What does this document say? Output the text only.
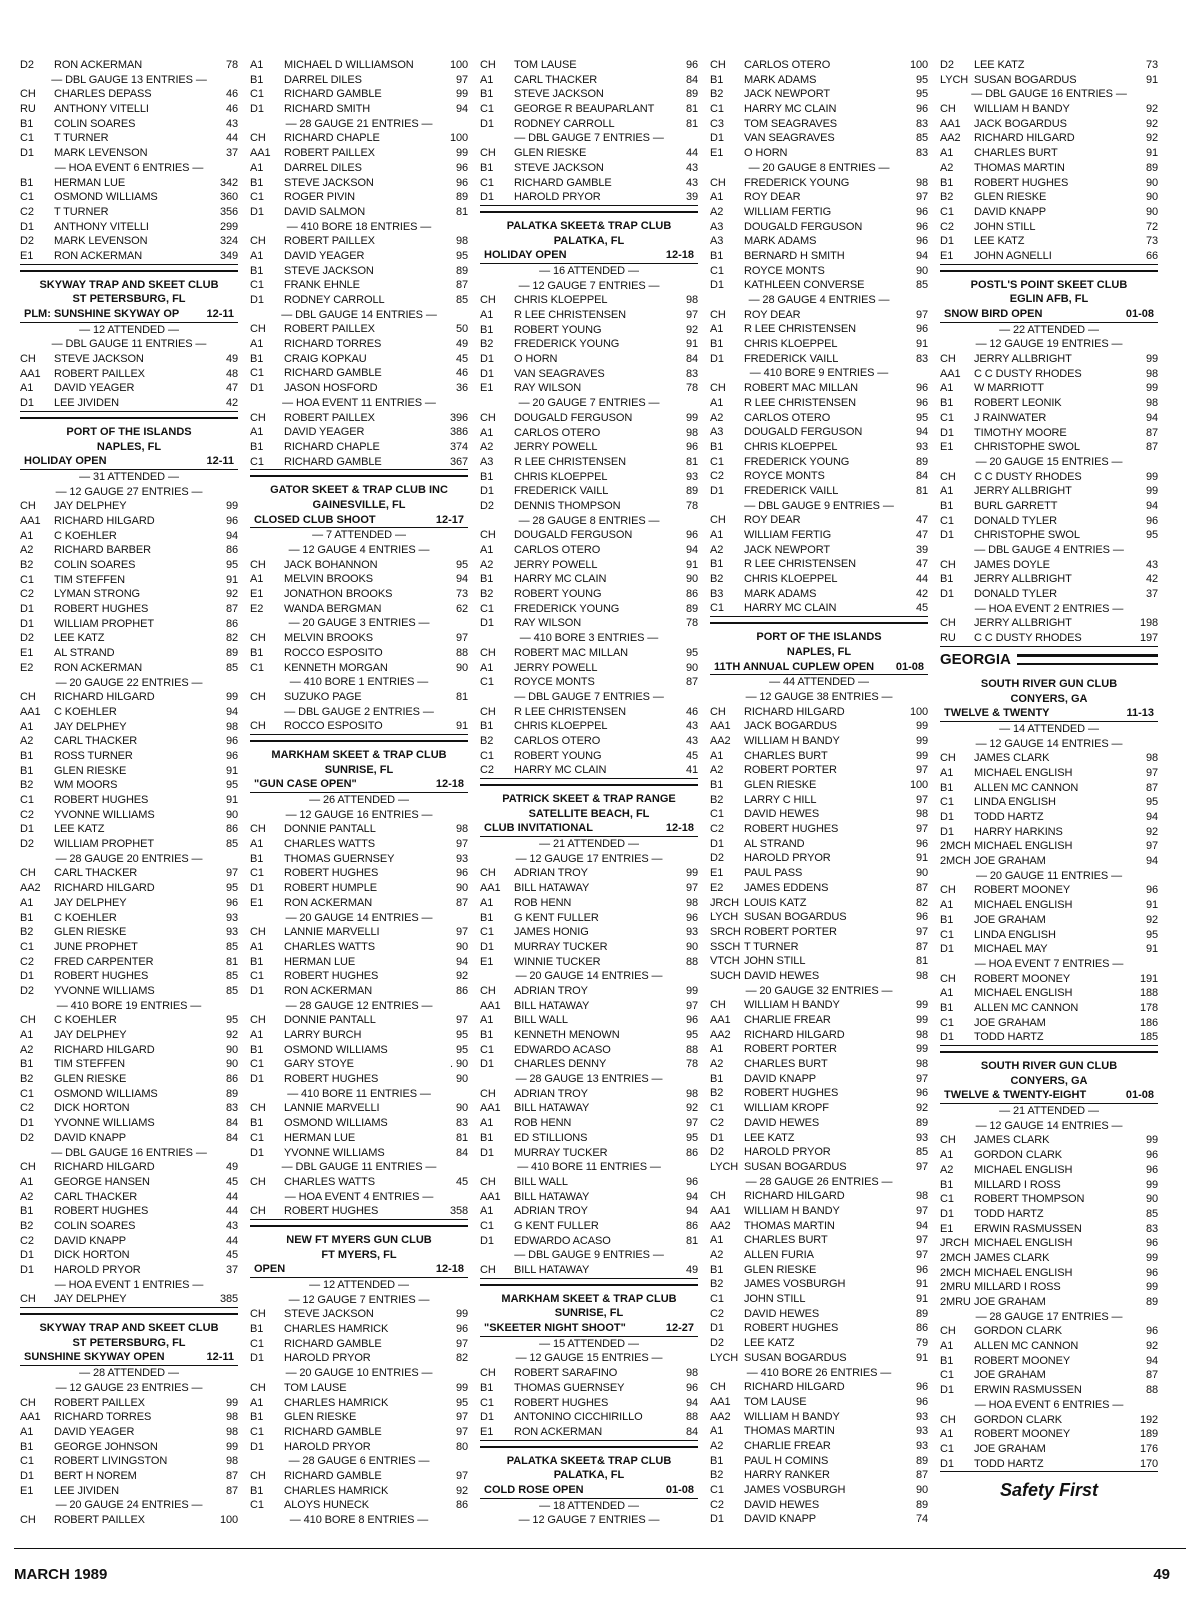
D2	RON ACKERMAN	78
— DBL GAUGE 13 ENTRIES —
CH	CHARLES DEPASS	46
RU	ANTHONY VITELLI	46
B1	COLIN SOARES	43
C1	T TURNER	44
D1	MARK LEVENSON	37
— HOA EVENT 6 ENTRIES —
B1	HERMAN LUE	342
C1	OSMOND WILLIAMS	360
C2	T TURNER	356
D1	ANTHONY VITELLI	299
D2	MARK LEVENSON	324
E1	RON ACKERMAN	349
SKYWAY TRAP AND SKEET CLUB
ST PETERSBURG, FL
PLM: SUNSHINE SKYWAY OP 12-11
— 12 ATTENDED —
— DBL GAUGE 11 ENTRIES —
CH	STEVE JACKSON	49
AA1	ROBERT PAILLEX	48
A1	DAVID YEAGER	47
D1	LEE JIVIDEN	42
PORT OF THE ISLANDS
NAPLES, FL
HOLIDAY OPEN	12-11
— 31 ATTENDED —
— 12 GAUGE 27 ENTRIES —
CH	JAY DELPHEY	99
AA1	RICHARD HILGARD	96
A1	C KOEHLER	94
A2	RICHARD BARBER	86
B2	COLIN SOARES	95
C1	TIM STEFFEN	91
C2	LYMAN STRONG	92
D1	ROBERT HUGHES	87
D1	WILLIAM PROPHET	86
D2	LEE KATZ	82
E1	AL STRAND	89
E2	RON ACKERMAN	85
— 20 GAUGE 22 ENTRIES —
CH	RICHARD HILGARD	99
AA1	C KOEHLER	94
A1	JAY DELPHEY	98
A2	CARL THACKER	96
B1	ROSS TURNER	96
B1	GLEN RIESKE	91
B2	WM MOORS	95
C1	ROBERT HUGHES	91
C2	YVONNE WILLIAMS	90
D1	LEE KATZ	86
D2	WILLIAM PROPHET	85
— 28 GAUGE 20 ENTRIES —
CH	CARL THACKER	97
AA2	RICHARD HILGARD	95
A1	JAY DELPHEY	96
B1	C KOEHLER	93
B2	GLEN RIESKE	93
C1	JUNE PROPHET	85
C2	FRED CARPENTER	81
D1	ROBERT HUGHES	85
D2	YVONNE WILLIAMS	85
— 410 BORE 19 ENTRIES —
CH	C KOEHLER	95
A1	JAY DELPHEY	92
A2	RICHARD HILGARD	90
B1	TIM STEFFEN	90
B2	GLEN RIESKE	86
C1	OSMOND WILLIAMS	89
C2	DICK HORTON	83
D1	YVONNE WILLIAMS	84
D2	DAVID KNAPP	84
— DBL GAUGE 16 ENTRIES —
CH	RICHARD HILGARD	49
A1	GEORGE HANSEN	45
A2	CARL THACKER	44
B1	ROBERT HUGHES	44
B2	COLIN SOARES	43
C2	DAVID KNAPP	44
D1	DICK HORTON	45
D1	HAROLD PRYOR	37
— HOA EVENT 1 ENTRIES —
CH	JAY DELPHEY	385
SKYWAY TRAP AND SKEET CLUB
ST PETERSBURG, FL
SUNSHINE SKYWAY OPEN	12-11
— 28 ATTENDED —
— 12 GAUGE 23 ENTRIES —
CH	ROBERT PAILLEX	99
AA1	RICHARD TORRES	98
A1	DAVID YEAGER	98
B1	GEORGE JOHNSON	99
C1	ROBERT LIVINGSTON	98
D1	BERT H NOREM	87
E1	LEE JIVIDEN	87
— 20 GAUGE 24 ENTRIES —
CH	ROBERT PAILLEX	100
A1	MICHAEL D WILLIAMSON	100
B1	DARREL DILES	97
C1	RICHARD GAMBLE	99
D1	RICHARD SMITH	94
— 28 GAUGE 21 ENTRIES —
CH	RICHARD CHAPLE	100
AA1	ROBERT PAILLEX	99
A1	DARREL DILES	96
B1	STEVE JACKSON	96
C1	ROGER PIVIN	89
D1	DAVID SALMON	81
— 410 BORE 18 ENTRIES —
CH	ROBERT PAILLEX	98
A1	DAVID YEAGER	95
B1	STEVE JACKSON	89
C1	FRANK EHNLE	87
D1	RODNEY CARROLL	85
— DBL GAUGE 14 ENTRIES —
CH	ROBERT PAILLEX	50
A1	RICHARD TORRES	49
B1	CRAIG KOPKAU	45
C1	RICHARD GAMBLE	46
D1	JASON HOSFORD	36
— HOA EVENT 11 ENTRIES —
CH	ROBERT PAILLEX	396
A1	DAVID YEAGER	386
B1	RICHARD CHAPLE	374
C1	RICHARD GAMBLE	367
GATOR SKEET & TRAP CLUB INC
GAINESVILLE, FL
CLOSED CLUB SHOOT	12-17
— 7 ATTENDED —
— 12 GAUGE 4 ENTRIES —
CH	JACK BOHANNON	95
A1	MELVIN BROOKS	94
E1	JONATHON BROOKS	73
E2	WANDA BERGMAN	62
— 20 GAUGE 3 ENTRIES —
CH	MELVIN BROOKS	97
B1	ROCCO ESPOSITO	88
C1	KENNETH MORGAN	90
— 410 BORE 1 ENTRIES —
CH	SUZUKO PAGE	81
— DBL GAUGE 2 ENTRIES —
CH	ROCCO ESPOSITO	91
MARKHAM SKEET & TRAP CLUB
SUNRISE, FL
"GUN CASE OPEN"	12-18
— 26 ATTENDED —
— 12 GAUGE 16 ENTRIES —
CH	DONNIE PANTALL	98
A1	CHARLES WATTS	97
B1	THOMAS GUERNSEY	93
C1	ROBERT HUGHES	96
D1	ROBERT HUMPLE	90
E1	RON ACKERMAN	87
— 20 GAUGE 14 ENTRIES —
CH	LANNIE MARVELLI	97
A1	CHARLES WATTS	90
B1	HERMAN LUE	94
C1	ROBERT HUGHES	92
D1	RON ACKERMAN	86
— 28 GAUGE 12 ENTRIES —
CH	DONNIE PANTALL	97
A1	LARRY BURCH	95
B1	OSMOND WILLIAMS	95
C1	GARY STOYE	. 90
D1	ROBERT HUGHES	90
— 410 BORE 11 ENTRIES —
CH	LANNIE MARVELLI	90
B1	OSMOND WILLIAMS	83
C1	HERMAN LUE	81
D1	YVONNE WILLIAMS	84
— DBL GAUGE 11 ENTRIES —
CH	CHARLES WATTS	45
— HOA EVENT 4 ENTRIES —
CH	ROBERT HUGHES	358
NEW FT MYERS GUN CLUB
FT MYERS, FL
OPEN	12-18
— 12 ATTENDED —
— 12 GAUGE 7 ENTRIES —
CH	STEVE JACKSON	99
B1	CHARLES HAMRICK	96
C1	RICHARD GAMBLE	97
D1	HAROLD PRYOR	82
— 20 GAUGE 10 ENTRIES —
CH	TOM LAUSE	99
A1	CHARLES HAMRICK	95
B1	GLEN RIESKE	97
C1	RICHARD GAMBLE	97
D1	HAROLD PRYOR	80
— 28 GAUGE 6 ENTRIES —
CH	RICHARD GAMBLE	97
B1	CHARLES HAMRICK	92
C1	ALOYS HUNECK	86
— 410 BORE 8 ENTRIES —
CH	TOM LAUSE	96
A1	CARL THACKER	84
B1	STEVE JACKSON	89
C1	GEORGE R BEAUPARLANT	81
D1	RODNEY CARROLL	81
— DBL GAUGE 7 ENTRIES —
CH	GLEN RIESKE	44
B1	STEVE JACKSON	43
C1	RICHARD GAMBLE	43
D1	HAROLD PRYOR	39
PALATKA SKEET& TRAP CLUB
PALATKA, FL
HOLIDAY OPEN	12-18
— 16 ATTENDED —
— 12 GAUGE 7 ENTRIES —
CH	CHRIS KLOEPPEL	98
A1	R LEE CHRISTENSEN	97
B1	ROBERT YOUNG	92
B2	FREDERICK YOUNG	91
D1	O HORN	84
D1	VAN SEAGRAVES	83
E1	RAY WILSON	78
— 20 GAUGE 7 ENTRIES —
CH	DOUGALD FERGUSON	99
A1	CARLOS OTERO	98
A2	JERRY POWELL	96
A3	R LEE CHRISTENSEN	81
B1	CHRIS KLOEPPEL	93
D1	FREDERICK VAILL	89
D2	DENNIS THOMPSON	78
— 28 GAUGE 8 ENTRIES —
CH	DOUGALD FERGUSON	96
A1	CARLOS OTERO	94
A2	JERRY POWELL	91
B1	HARRY MC CLAIN	90
B2	ROBERT YOUNG	86
C1	FREDERICK YOUNG	89
D1	RAY WILSON	78
— 410 BORE 3 ENTRIES —
CH	ROBERT MAC MILLAN	95
A1	JERRY POWELL	90
C1	ROYCE MONTS	87
— DBL GAUGE 7 ENTRIES —
CH	R LEE CHRISTENSEN	46
B1	CHRIS KLOEPPEL	43
B2	CARLOS OTERO	43
C1	ROBERT YOUNG	45
C2	HARRY MC CLAIN	41
PATRICK SKEET & TRAP RANGE
SATELLITE BEACH, FL
CLUB INVITATIONAL	12-18
— 21 ATTENDED —
— 12 GAUGE 17 ENTRIES —
CH	ADRIAN TROY	99
AA1	BILL HATAWAY	97
A1	ROB HENN	98
B1	G KENT FULLER	96
C1	JAMES HONIG	93
D1	MURRAY TUCKER	90
E1	WINNIE TUCKER	88
— 20 GAUGE 14 ENTRIES —
CH	ADRIAN TROY	99
AA1	BILL HATAWAY	97
A1	BILL WALL	96
B1	KENNETH MENOWN	95
C1	EDWARDO ACASO	88
D1	CHARLES DENNY	78
— 28 GAUGE 13 ENTRIES —
CH	ADRIAN TROY	98
AA1	BILL HATAWAY	92
A1	ROB HENN	97
B1	ED STILLIONS	95
D1	MURRAY TUCKER	86
— 410 BORE 11 ENTRIES —
CH	BILL WALL	96
AA1	BILL HATAWAY	94
A1	ADRIAN TROY	94
C1	G KENT FULLER	86
D1	EDWARDO ACASO	81
— DBL GAUGE 9 ENTRIES —
CH	BILL HATAWAY	49
MARKHAM SKEET & TRAP CLUB
SUNRISE, FL
"SKEETER NIGHT SHOOT"	12-27
— 15 ATTENDED —
— 12 GAUGE 15 ENTRIES —
CH	ROBERT SARAFINO	98
B1	THOMAS GUERNSEY	96
C1	ROBERT HUGHES	94
D1	ANTONINO CICCHIRILLO	88
E1	RON ACKERMAN	84
PALATKA SKEET& TRAP CLUB
PALATKA, FL
COLD ROSE OPEN	01-08
— 18 ATTENDED —
— 12 GAUGE 7 ENTRIES —
CH	CARLOS OTERO	100
B1	MARK ADAMS	95
B2	JACK NEWPORT	95
C1	HARRY MC CLAIN	96
C3	TOM SEAGRAVES	83
D1	VAN SEAGRAVES	85
E1	O HORN	83
— 20 GAUGE 8 ENTRIES —
CH	FREDERICK YOUNG	98
A1	ROY DEAR	97
A2	WILLIAM FERTIG	96
A3	DOUGALD FERGUSON	96
A3	MARK ADAMS	96
B1	BERNARD H SMITH	94
C1	ROYCE MONTS	90
D1	KATHLEEN CONVERSE	85
— 28 GAUGE 4 ENTRIES —
CH	ROY DEAR	97
A1	R LEE CHRISTENSEN	96
B1	CHRIS KLOEPPEL	91
D1	FREDERICK VAILL	83
— 410 BORE 9 ENTRIES —
CH	ROBERT MAC MILLAN	96
A1	R LEE CHRISTENSEN	96
A2	CARLOS OTERO	95
A3	DOUGALD FERGUSON	94
B1	CHRIS KLOEPPEL	93
C1	FREDERICK YOUNG	89
C2	ROYCE MONTS	84
D1	FREDERICK VAILL	81
— DBL GAUGE 9 ENTRIES —
CH	ROY DEAR	47
A1	WILLIAM FERTIG	47
A2	JACK NEWPORT	39
B1	R LEE CHRISTENSEN	47
B2	CHRIS KLOEPPEL	44
B3	MARK ADAMS	42
C1	HARRY MC CLAIN	45
PORT OF THE ISLANDS
NAPLES, FL
11TH ANNUAL CUPLEW OPEN 01-08
— 44 ATTENDED —
— 12 GAUGE 38 ENTRIES —
CH	RICHARD HILGARD	100
AA1	JACK BOGARDUS	99
AA2	WILLIAM H BANDY	99
A1	CHARLES BURT	99
A2	ROBERT PORTER	97
B1	GLEN RIESKE	100
B2	LARRY C HILL	97
C1	DAVID HEWES	98
C2	ROBERT HUGHES	97
D1	AL STRAND	96
D2	HAROLD PRYOR	91
E1	PAUL PASS	90
E2	JAMES EDDENS	87
JRCH LOUIS KATZ	82
LYCH SUSAN BOGARDUS	96
SRCH ROBERT PORTER	97
SSCH T TURNER	87
VTCH JOHN STILL	81
SUCH DAVID HEWES	98
— 20 GAUGE 32 ENTRIES —
CH	WILLIAM H BANDY	99
AA1	CHARLIE FREAR	99
AA2	RICHARD HILGARD	98
A1	ROBERT PORTER	99
A2	CHARLES BURT	98
B1	DAVID KNAPP	97
B2	ROBERT HUGHES	96
C1	WILLIAM KROPF	92
C2	DAVID HEWES	89
D1	LEE KATZ	93
D2	HAROLD PRYOR	85
LYCH SUSAN BOGARDUS	97
— 28 GAUGE 26 ENTRIES —
CH	RICHARD HILGARD	98
AA1	WILLIAM H BANDY	97
AA2	THOMAS MARTIN	94
A1	CHARLES BURT	97
A2	ALLEN FURIA	97
B1	GLEN RIESKE	96
B2	JAMES VOSBURGH	91
C1	JOHN STILL	91
C2	DAVID HEWES	89
D1	ROBERT HUGHES	86
D2	LEE KATZ	79
LYCH SUSAN BOGARDUS	91
— 410 BORE 26 ENTRIES —
CH	RICHARD HILGARD	96
AA1	TOM LAUSE	96
AA2	WILLIAM H BANDY	93
A1	THOMAS MARTIN	93
A2	CHARLIE FREAR	93
B1	PAUL H COMINS	89
B2	HARRY RANKER	87
C1	JAMES VOSBURGH	90
C2	DAVID HEWES	89
D1	DAVID KNAPP	74
D2	LEE KATZ	73
LYCH SUSAN BOGARDUS	91
— DBL GAUGE 16 ENTRIES —
CH	WILLIAM H BANDY	92
AA1	JACK BOGARDUS	92
AA2	RICHARD HILGARD	92
A1	CHARLES BURT	91
A2	THOMAS MARTIN	89
B1	ROBERT HUGHES	90
B2	GLEN RIESKE	90
C1	DAVID KNAPP	90
C2	JOHN STILL	72
D1	LEE KATZ	73
E1	JOHN AGNELLI	66
POSTL'S POINT SKEET CLUB
EGLIN AFB, FL
SNOW BIRD OPEN	01-08
— 22 ATTENDED —
— 12 GAUGE 19 ENTRIES —
CH	JERRY ALLBRIGHT	99
AA1	C C DUSTY RHODES	98
A1	W MARRIOTT	99
B1	ROBERT LEONIK	98
C1	J RAINWATER	94
D1	TIMOTHY MOORE	87
E1	CHRISTOPHE SWOL	87
— 20 GAUGE 15 ENTRIES —
CH	C C DUSTY RHODES	99
A1	JERRY ALLBRIGHT	99
B1	BURL GARRETT	94
C1	DONALD TYLER	96
D1	CHRISTOPHE SWOL	95
— DBL GAUGE 4 ENTRIES —
CH	JAMES DOYLE	43
B1	JERRY ALLBRIGHT	42
D1	DONALD TYLER	37
— HOA EVENT 2 ENTRIES —
CH	JERRY ALLBRIGHT	198
RU	C C DUSTY RHODES	197
GEORGIA
SOUTH RIVER GUN CLUB
CONYERS, GA
TWELVE & TWENTY	11-13
— 14 ATTENDED —
— 12 GAUGE 14 ENTRIES —
CH	JAMES CLARK	98
A1	MICHAEL ENGLISH	97
B1	ALLEN MC CANNON	87
C1	LINDA ENGLISH	95
D1	TODD HARTZ	94
D1	HARRY HARKINS	92
2MCH MICHAEL ENGLISH	97
2MCH JOE GRAHAM	94
— 20 GAUGE 11 ENTRIES —
CH	ROBERT MOONEY	96
A1	MICHAEL ENGLISH	91
B1	JOE GRAHAM	92
C1	LINDA ENGLISH	95
D1	MICHAEL MAY	91
— HOA EVENT 7 ENTRIES —
CH	ROBERT MOONEY	191
A1	MICHAEL ENGLISH	188
B1	ALLEN MC CANNON	178
C1	JOE GRAHAM	186
D1	TODD HARTZ	185
SOUTH RIVER GUN CLUB
CONYERS, GA
TWELVE & TWENTY-EIGHT	01-08
— 21 ATTENDED —
— 12 GAUGE 14 ENTRIES —
CH	JAMES CLARK	99
A1	GORDON CLARK	96
A2	MICHAEL ENGLISH	96
B1	MILLARD I ROSS	99
C1	ROBERT THOMPSON	90
D1	TODD HARTZ	85
E1	ERWIN RASMUSSEN	83
JRCH MICHAEL ENGLISH	96
2MCH JAMES CLARK	99
2MCH MICHAEL ENGLISH	96
2MRU MILLARD I ROSS	99
2MRU JOE GRAHAM	89
— 28 GAUGE 17 ENTRIES —
CH	GORDON CLARK	96
A1	ALLEN MC CANNON	92
B1	ROBERT MOONEY	94
C1	JOE GRAHAM	87
D1	ERWIN RASMUSSEN	88
— HOA EVENT 6 ENTRIES —
CH	GORDON CLARK	192
A1	ROBERT MOONEY	189
C1	JOE GRAHAM	176
D1	TODD HARTZ	170
Safety First
MARCH 1989	49
